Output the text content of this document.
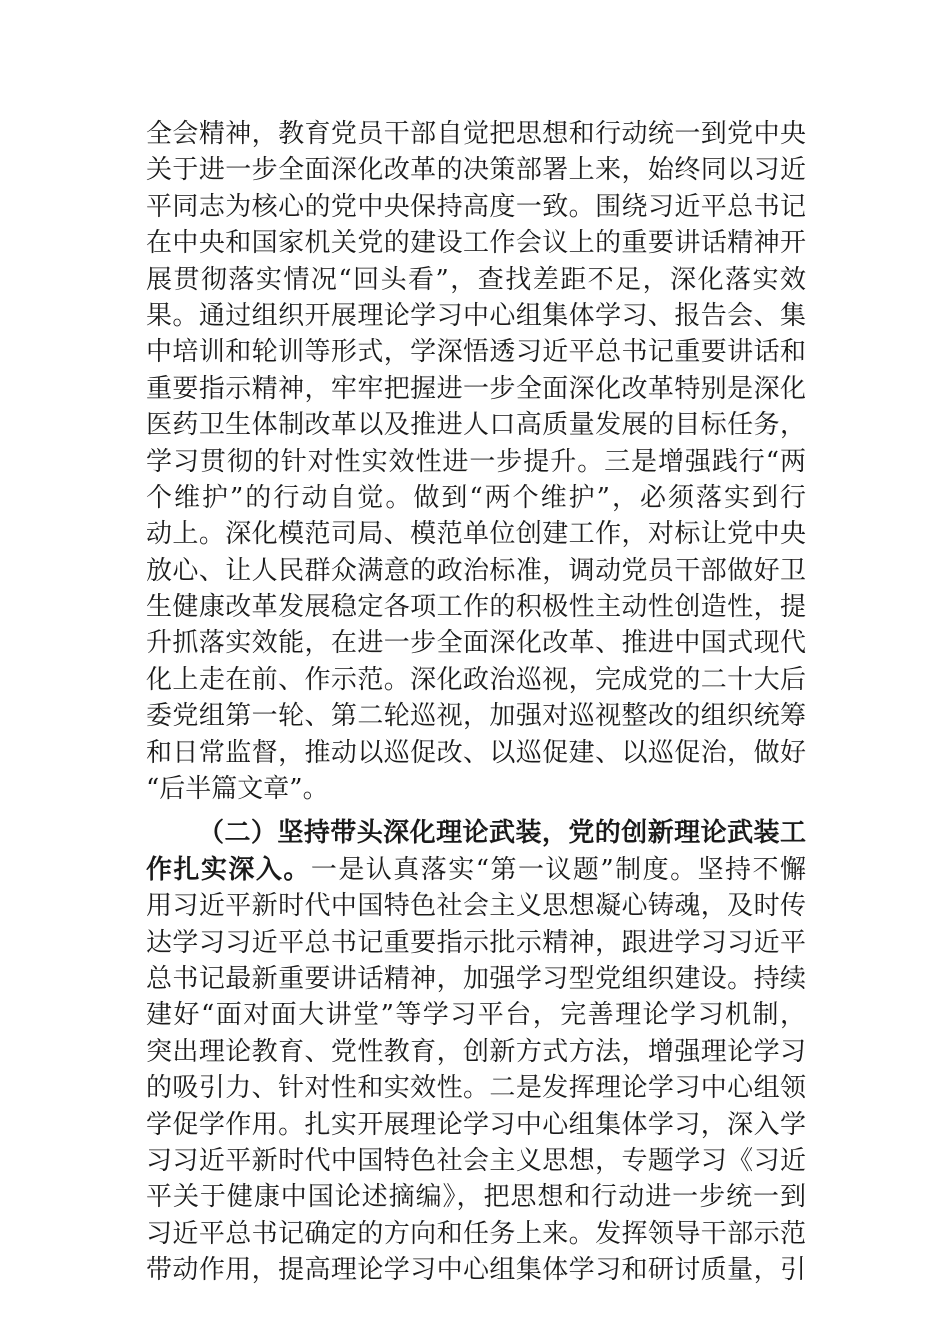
全会精神，教育党员干部自觉把思想和行动统一到党中央
关于进一步全面深化改革的决策部署上来，始终同以习近
平同志为核心的党中央保持高度一致。围绕习近平总书记
在中央和国家机关党的建设工作会议上的重要讲话精神开
展贯彻落实情况“回头看”，查找差距不足，深化落实效
果。通过组织开展理论学习中心组集体学习、报告会、集
中培训和轮训等形式，学深悟透习近平总书记重要讲话和
重要指示精神，牢牢把握进一步全面深化改革特别是深化
医药卫生体制改革以及推进人口高质量发展的目标任务，
学习贯彻的针对性实效性进一步提升。三是增强践行“两
个维护”的行动自觉。做到“两个维护”，必须落实到行
动上。深化模范司局、模范单位创建工作，对标让党中央
放心、让人民群众满意的政治标准，调动党员干部做好卫
生健康改革发展稳定各项工作的积极性主动性创造性，提
升抓落实效能，在进一步全面深化改革、推进中国式现代
化上走在前、作示范。深化政治巡视，完成党的二十大后
委党组第一轮、第二轮巡视，加强对巡视整改的组织统筹
和日常监督，推动以巡促改、以巡促建、以巡促治，做好
“后半篇文章”。
（二）坚持带头深化理论武装，党的创新理论武装工
作扎实深入。一是认真落实“第一议题”制度。坚持不懈
用习近平新时代中国特色社会主义思想凝心铸魂，及时传
达学习习近平总书记重要指示批示精神，跟进学习习近平
总书记最新重要讲话精神，加强学习型党组织建设。持续
建好“面对面大讲堂”等学习平台，完善理论学习机制，
突出理论教育、党性教育，创新方式方法，增强理论学习
的吸引力、针对性和实效性。二是发挥理论学习中心组领
学促学作用。扎实开展理论学习中心组集体学习，深入学
习习近平新时代中国特色社会主义思想，专题学习《习近
平关于健康中国论述摘编》，把思想和行动进一步统一到
习近平总书记确定的方向和任务上来。发挥领导干部示范
带动作用，提高理论学习中心组集体学习和研讨质量，引
